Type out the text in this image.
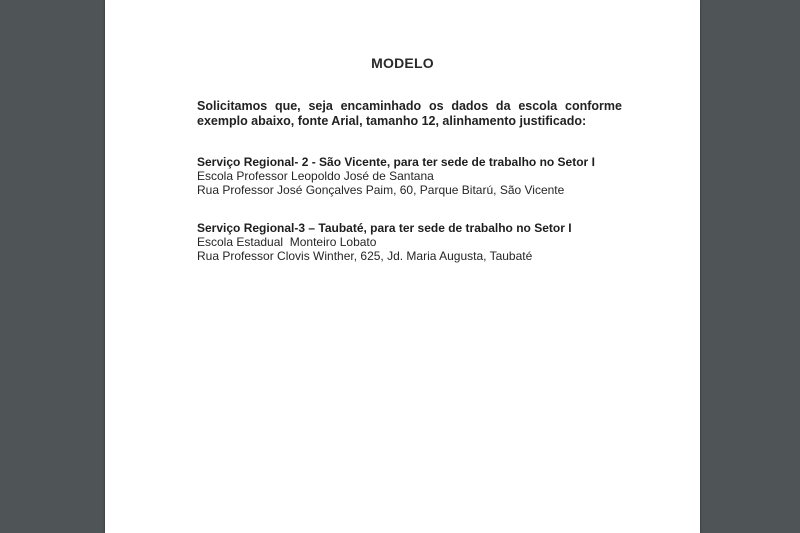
MODELO
Solicitamos que, seja encaminhado os dados da escola conforme exemplo abaixo, fonte Arial, tamanho 12, alinhamento justificado:
Serviço Regional- 2 - São Vicente, para ter sede de trabalho no Setor I
Escola Professor Leopoldo José de Santana
Rua Professor José Gonçalves Paim, 60, Parque Bitarú, São Vicente
Serviço Regional-3 – Taubaté, para ter sede de trabalho no Setor I
Escola Estadual  Monteiro Lobato
Rua Professor Clovis Winther, 625, Jd. Maria Augusta, Taubaté
